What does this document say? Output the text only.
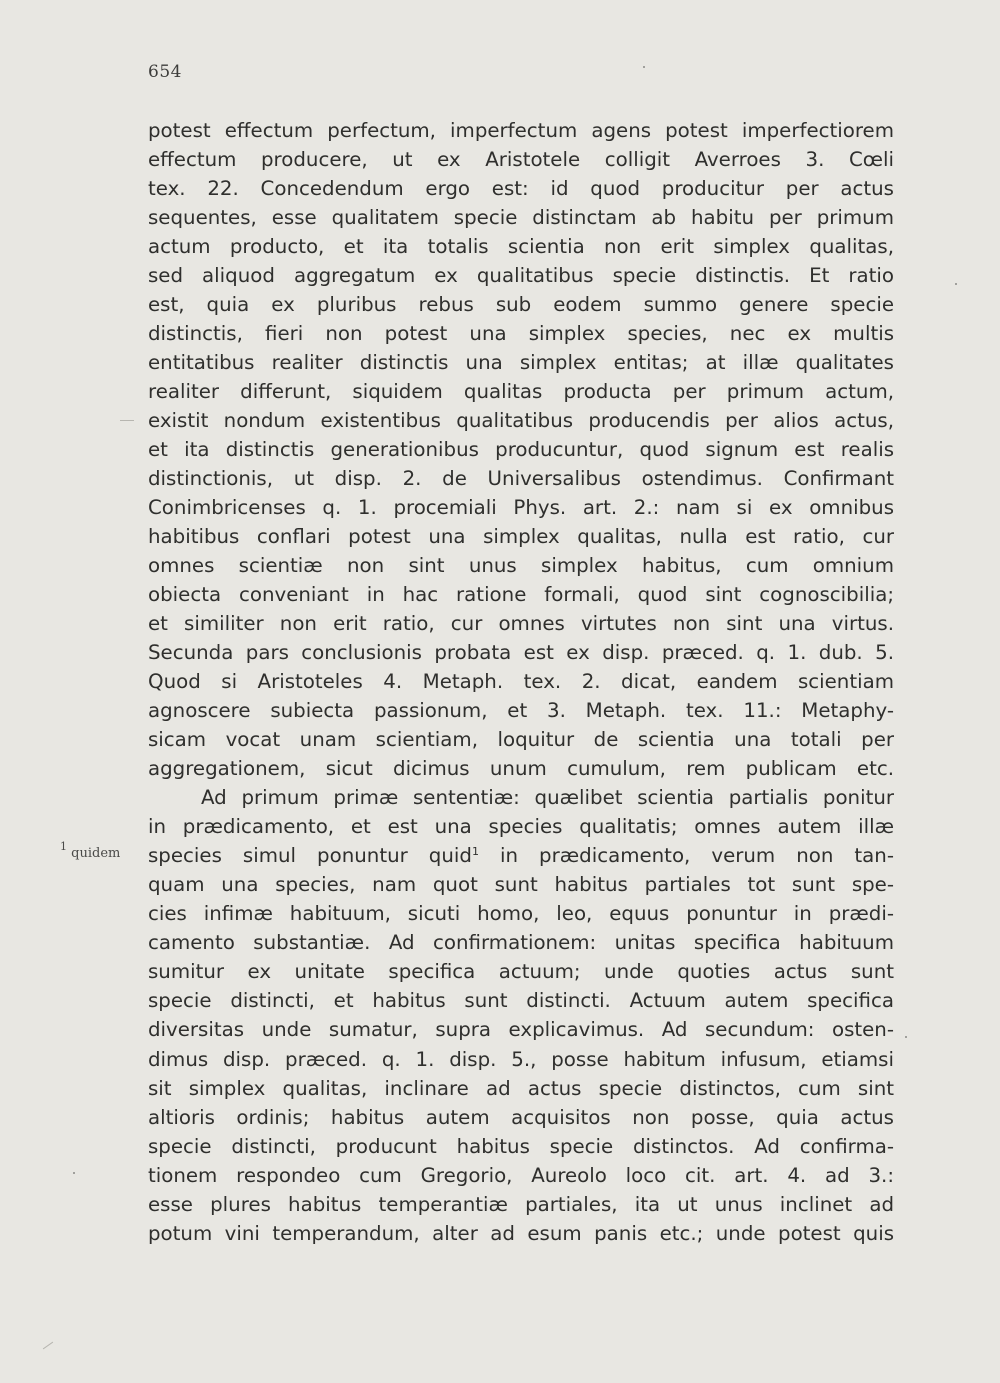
654
$^1$ quidem
potest effectum perfectum, imperfectum agens potest imperfectiorem
effectum producere, ut ex Aristotele colligit Averroes 3. Cœli
tex. 22. Concedendum ergo est: id quod producitur per actus
sequentes, esse qualitatem specie distinctam ab habitu per primum
actum producto, et ita totalis scientia non erit simplex qualitas,
sed aliquod aggregatum ex qualitatibus specie distinctis. Et ratio
est, quia ex pluribus rebus sub eodem summo genere specie
distinctis, fieri non potest una simplex species, nec ex multis
entitatibus realiter distinctis una simplex entitas; at illæ qualitates
realiter differunt, siquidem qualitas producta per primum actum,
existit nondum existentibus qualitatibus producendis per alios actus,
et ita distinctis generationibus producuntur, quod signum est realis
distinctionis, ut disp. 2. de Universalibus ostendimus. Confirmant
Conimbricenses q. 1. procemiali Phys. art. 2.: nam si ex omnibus
habitibus conflari potest una simplex qualitas, nulla est ratio, cur
omnes scientiæ non sint unus simplex habitus, cum omnium
obiecta conveniant in hac ratione formali, quod sint cognoscibilia;
et similiter non erit ratio, cur omnes virtutes non sint una virtus.
Secunda pars conclusionis probata est ex disp. præced. q. 1. dub. 5.
Quod si Aristoteles 4. Metaph. tex. 2. dicat, eandem scientiam
agnoscere subiecta passionum, et 3. Metaph. tex. 11.: Metaphy-
sicam vocat unam scientiam, loquitur de scientia una totali per
aggregationem, sicut dicimus unum cumulum, rem publicam etc.
Ad primum primæ sententiæ: quælibet scientia partialis ponitur
in prædicamento, et est una species qualitatis; omnes autem illæ
species simul ponuntur quid$^1$ in prædicamento, verum non tan-
quam una species, nam quot sunt habitus partiales tot sunt spe-
cies infimæ habituum, sicuti homo, leo, equus ponuntur in prædi-
camento substantiæ. Ad confirmationem: unitas specifica habituum
sumitur ex unitate specifica actuum; unde quoties actus sunt
specie distincti, et habitus sunt distincti. Actuum autem specifica
diversitas unde sumatur, supra explicavimus. Ad secundum: osten-
dimus disp. præced. q. 1. disp. 5., posse habitum infusum, etiamsi
sit simplex qualitas, inclinare ad actus specie distinctos, cum sint
altioris ordinis; habitus autem acquisitos non posse, quia actus
specie distincti, producunt habitus specie distinctos. Ad confirma-
tionem respondeo cum Gregorio, Aureolo loco cit. art. 4. ad 3.:
esse plures habitus temperantiæ partiales, ita ut unus inclinet ad
potum vini temperandum, alter ad esum panis etc.; unde potest quis
